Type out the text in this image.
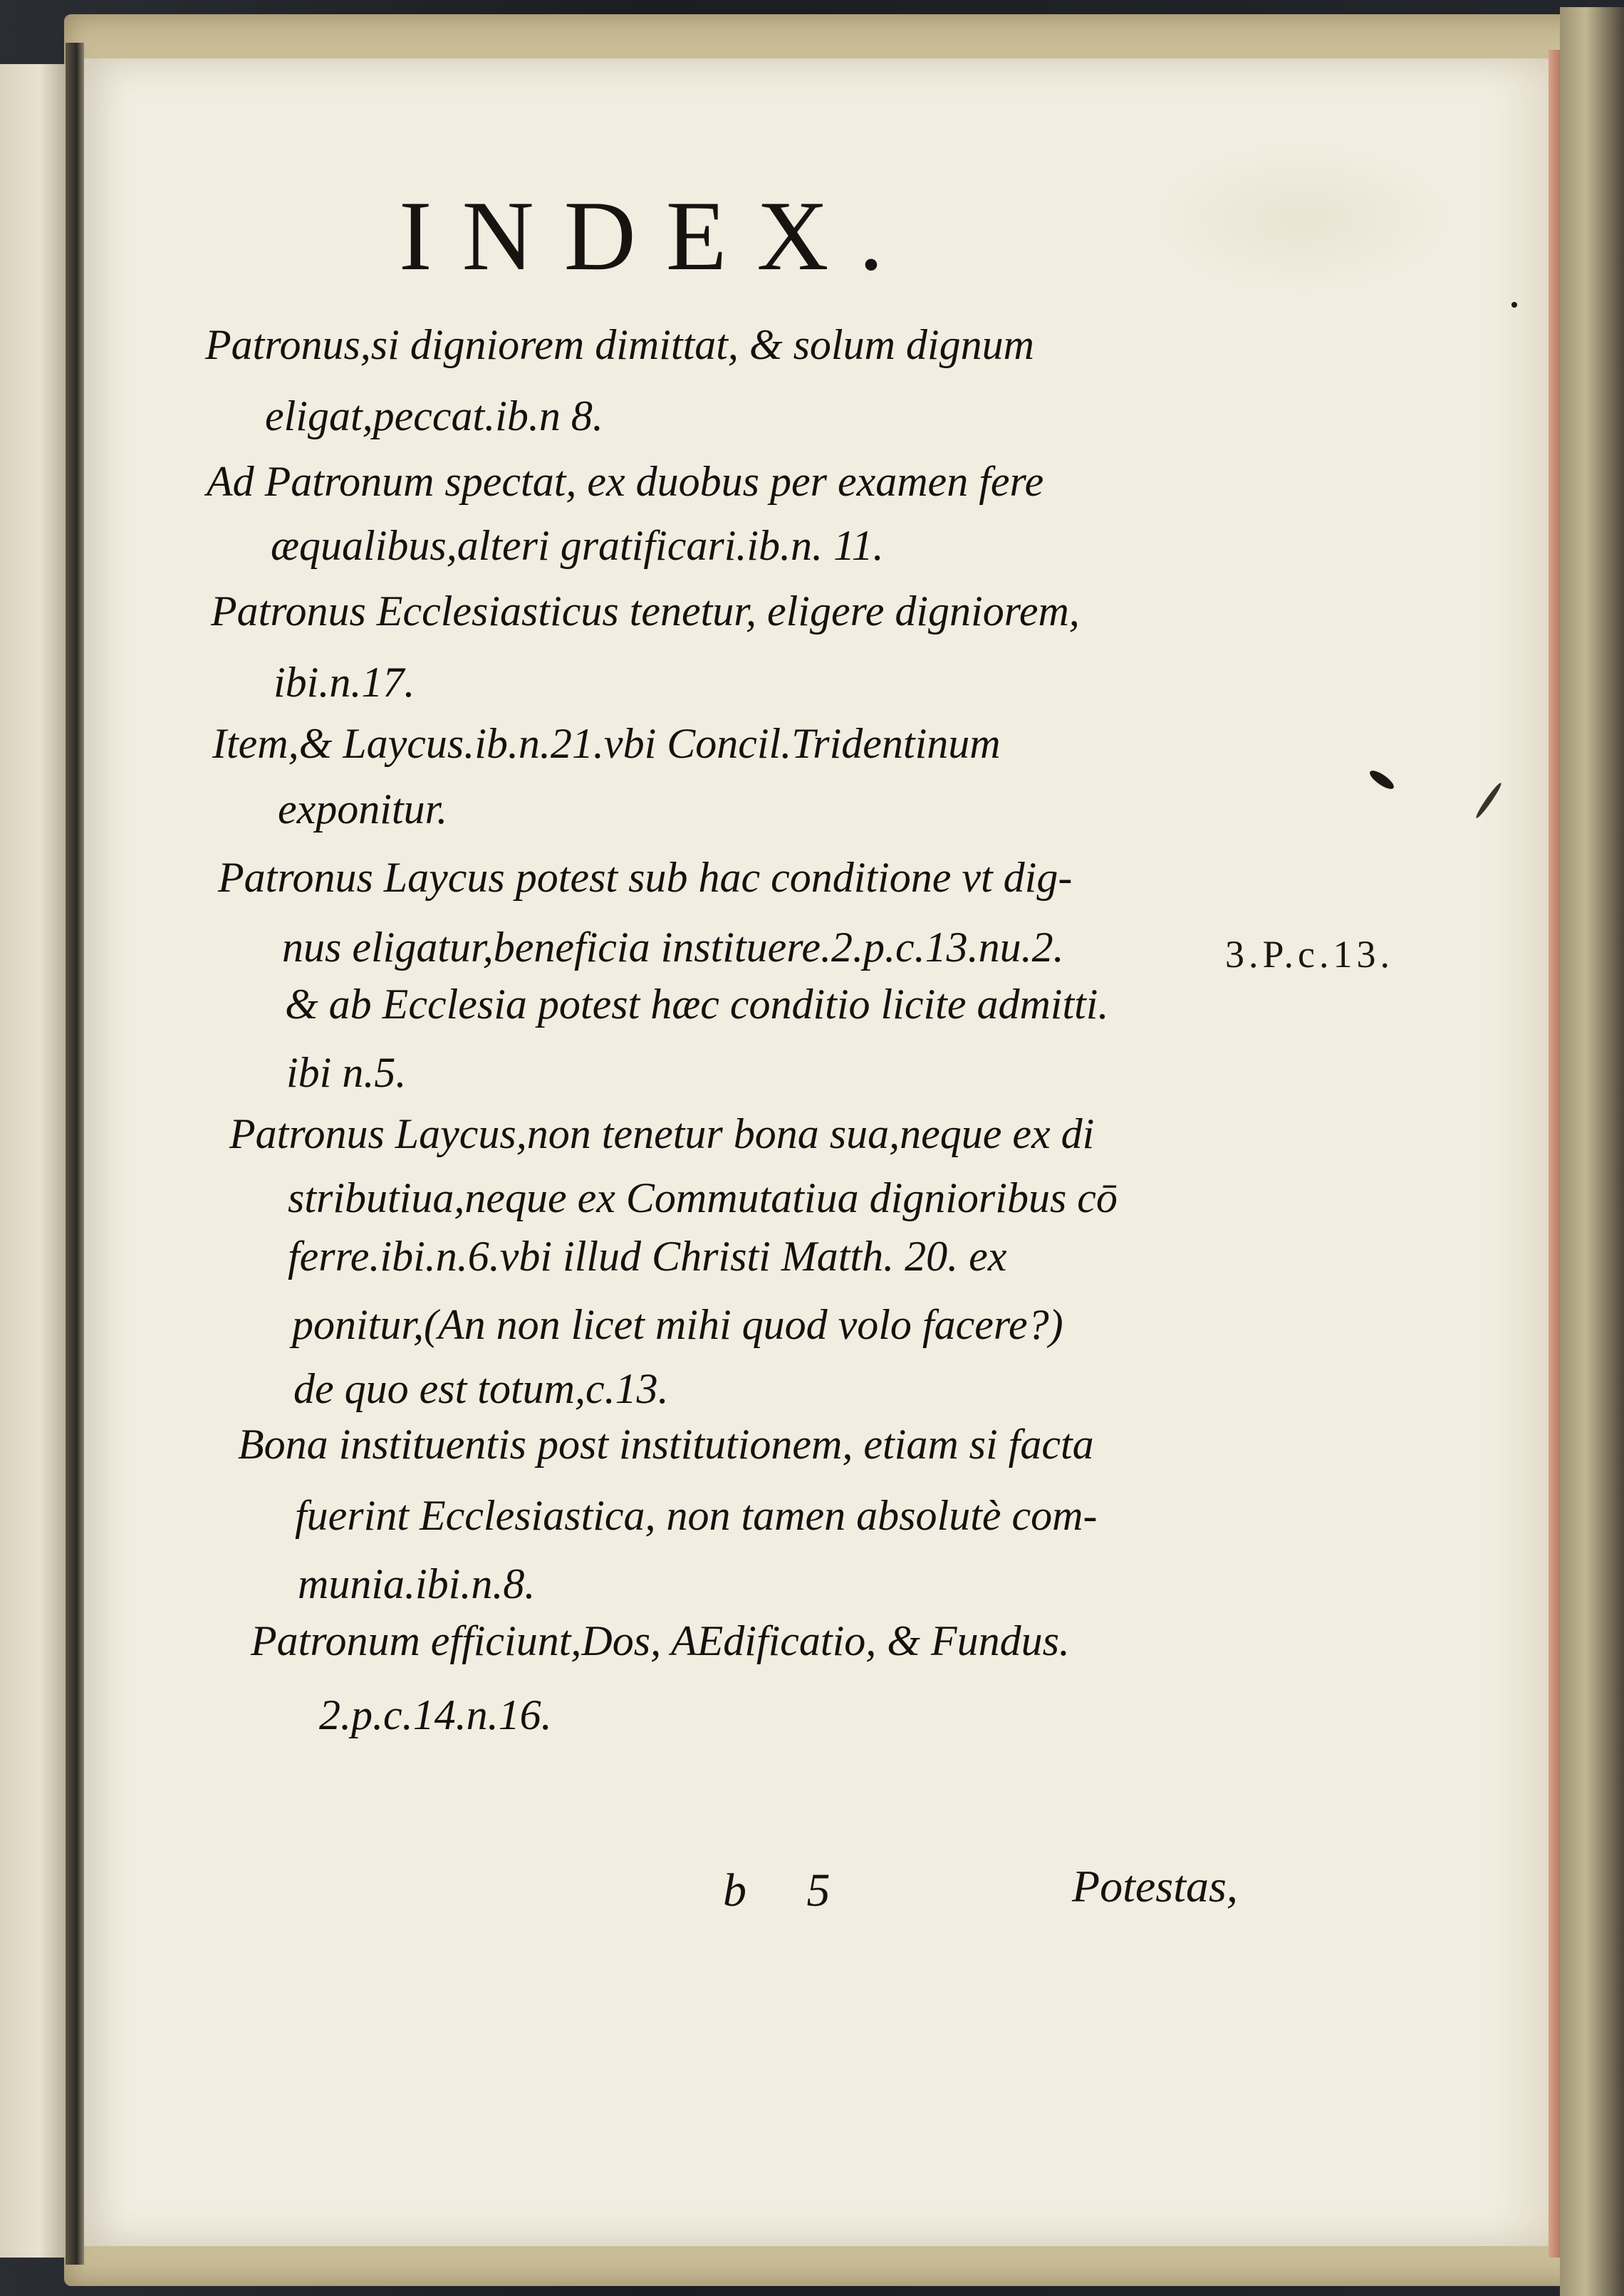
INDEX.
Patronus,si digniorem dimittat, & solum dignum
eligat,peccat.ib.n 8.
Ad Patronum spectat, ex duobus per examen fere
æqualibus,alteri gratificari.ib.n. 11.
Patronus Ecclesiasticus tenetur, eligere digniorem,
ibi.n.17.
Item,& Laycus.ib.n.21.vbi Concil.Tridentinum
exponitur.
Patronus Laycus potest sub hac conditione vt dig-
nus eligatur,beneficia instituere.2.p.c.13.nu.2.
& ab Ecclesia potest hæc conditio licite admitti.
ibi n.5.
Patronus Laycus,non tenetur bona sua,neque ex di
stributiua,neque ex Commutatiua dignioribus cō
ferre.ibi.n.6.vbi illud Christi Matth. 20. ex
ponitur,(An non licet mihi quod volo facere?)
de quo est totum,c.13.
Bona instituentis post institutionem, etiam si facta
fuerint Ecclesiastica, non tamen absolutè com-
munia.ibi.n.8.
Patronum efficiunt,Dos, AEdificatio, & Fundus.
2.p.c.14.n.16.
3.P.c.13.
b 5	Potestas,
